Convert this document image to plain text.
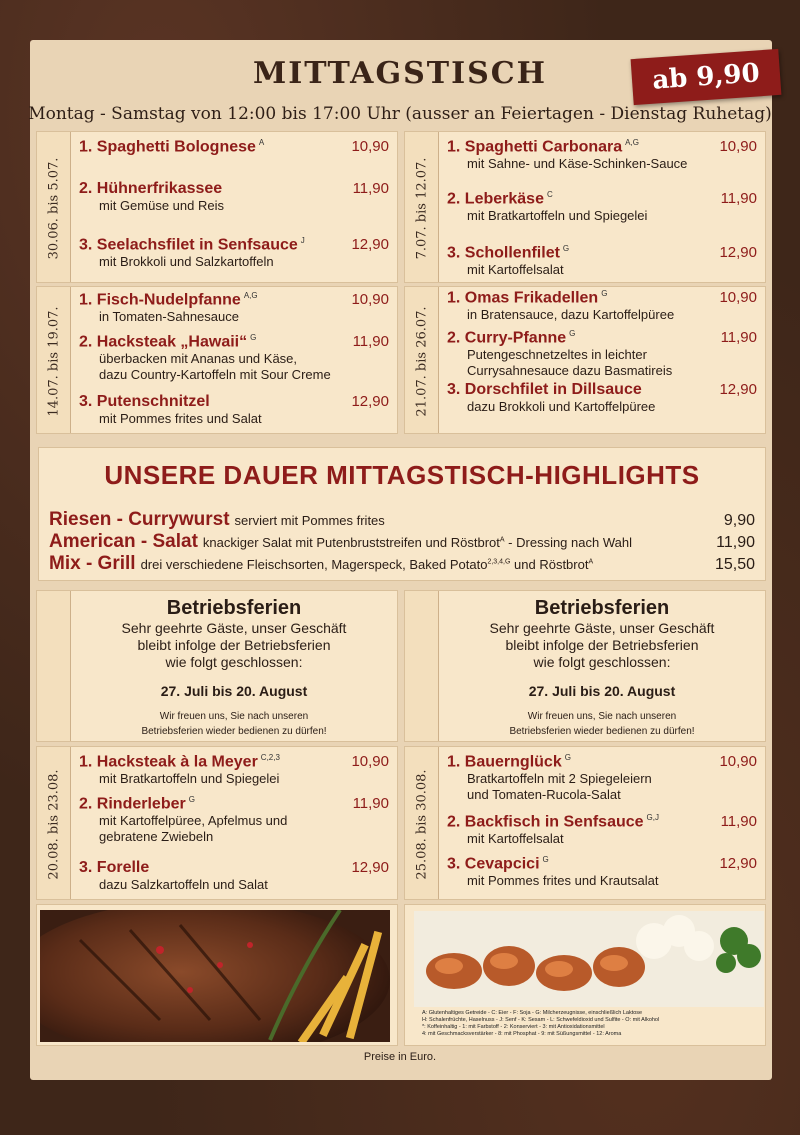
MITTAGSTISCH	ab 9,90
Montag - Samstag von 12:00 bis 17:00 Uhr (ausser an Feiertagen - Dienstag Ruhetag)
30.06. bis 5.07.
1. Spaghetti Bolognese $^A$	10,90
2. Hühnerfrikassee	11,90
mit Gemüse und Reis
3. Seelachsfilet in Senfsauce $^J$	12,90
mit Brokkoli und Salzkartoffeln
7.07. bis 12.07.
1. Spaghetti Carbonara $^{A,G}$	10,90
mit Sahne- und Käse-Schinken-Sauce
2. Leberkäse $^C$	11,90
mit Bratkartoffeln und Spiegelei
3. Schollenfilet $^G$	12,90
mit Kartoffelsalat
14.07. bis 19.07.
1. Fisch-Nudelpfanne $^{A,G}$	10,90
in Tomaten-Sahnesauce
2. Hacksteak „Hawaii“ $^G$	11,90
überbacken mit Ananas und Käse,
dazu Country-Kartoffeln mit Sour Creme
3. Putenschnitzel	12,90
mit Pommes frites und Salat
21.07. bis 26.07.
1. Omas Frikadellen $^G$	10,90
in Bratensauce, dazu Kartoffelpüree
2. Curry-Pfanne $^G$	11,90
Putengeschnetzeltes in leichter
Currysahnesauce dazu Basmatireis
3. Dorschfilet in Dillsauce	12,90
dazu Brokkoli und Kartoffelpüree
UNSERE DAUER MITTAGSTISCH-HIGHLIGHTS
Riesen - Currywurst serviert mit Pommes frites	9,90
American - Salat knackiger Salat mit Putenbruststreifen und Röstbrot$^A$ - Dressing nach Wahl	11,90
Mix - Grill drei verschiedene Fleischsorten, Magerspeck, Baked Potato$^{2,3,4,G}$ und Röstbrot$^A$	15,50
Betriebsferien
Sehr geehrte Gäste, unser Geschäft
bleibt infolge der Betriebsferien
wie folgt geschlossen:
27. Juli bis 20. August
Wir freuen uns, Sie nach unseren
Betriebsferien wieder bedienen zu dürfen!
Betriebsferien
Sehr geehrte Gäste, unser Geschäft
bleibt infolge der Betriebsferien
wie folgt geschlossen:
27. Juli bis 20. August
Wir freuen uns, Sie nach unseren
Betriebsferien wieder bedienen zu dürfen!
20.08. bis 23.08.
1. Hacksteak à la Meyer $^{C,2,3}$	10,90
mit Bratkartoffeln und Spiegelei
2. Rinderleber $^G$	11,90
mit Kartoffelpüree, Apfelmus und
gebratene Zwiebeln
3. Forelle	12,90
dazu Salzkartoffeln und Salat
25.08. bis 30.08.
1. Bauernglück $^G$	10,90
Bratkartoffeln mit 2 Spiegeleiern
und Tomaten-Rucola-Salat
2. Backfisch in Senfsauce $^{G,J}$	11,90
mit Kartoffelsalat
3. Cevapcici $^G$	12,90
mit Pommes frites und Krautsalat
A: Glutenhaltiges Getreide - C: Eier - F: Soja - G: Milcherzeugnisse, einschließlich Laktose
H: Schalenfrüchte, Haselnuss - J: Senf - K: Sesam - L: Schwefeldioxid und Sulfite - O: mit Alkohol
*: Koffeinhaltig - 1: mit Farbstoff - 2: Konserviert - 3: mit Antioxidationsmittel
4: mit Geschmacksverstärker - 8: mit Phosphat - 9: mit Süßungsmittel - 12: Aroma
Preise in Euro.
